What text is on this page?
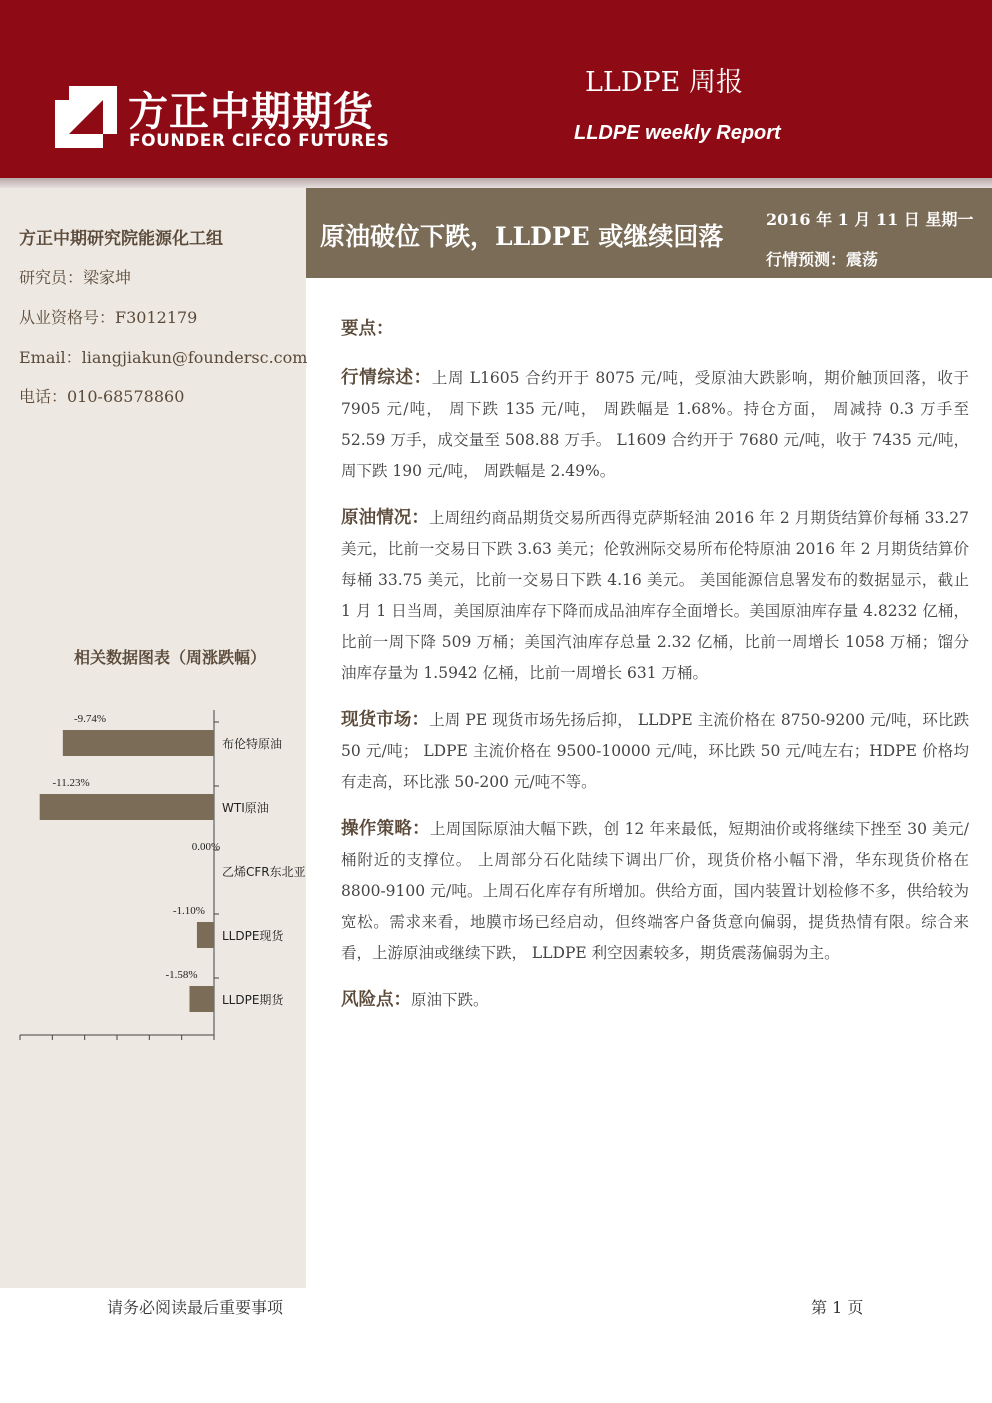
方正中期期货
FOUNDER CIFCO FUTURES
LLDPE 周报
LLDPE weekly Report
方正中期研究院能源化工组
研究员：梁家坤
从业资格号：F3012179
Email：liangjiakun@foundersc.com
电话：010-68578860
原油破位下跌，LLDPE 或继续回落
2016 年 1 月 11 日 星期一
行情预测：震荡
要点：

行情综述：上周 L1605 合约开于 8075 元/吨，受原油大跌影响，期价触顶回落，收于 7905 元/吨， 周下跌 135 元/吨， 周跌幅是 1.68%。持仓方面， 周减持 0.3 万手至 52.59 万手，成交量至 508.88 万手。 L1609 合约开于 7680 元/吨，收于 7435 元/吨， 周下跌 190 元/吨， 周跌幅是 2.49%。

原油情况：上周纽约商品期货交易所西得克萨斯轻油 2016 年 2 月期货结算价每桶 33.27 美元，比前一交易日下跌 3.63 美元；伦敦洲际交易所布伦特原油 2016 年 2 月期货结算价每桶 33.75 美元，比前一交易日下跌 4.16 美元。 美国能源信息署发布的数据显示，截止 1 月 1 日当周，美国原油库存下降而成品油库存全面增长。美国原油库存量 4.8232 亿桶，比前一周下降 509 万桶；美国汽油库存总量 2.32 亿桶，比前一周增长 1058 万桶；馏分油库存量为 1.5942 亿桶，比前一周增长 631 万桶。

现货市场：上周 PE 现货市场先扬后抑， LLDPE 主流价格在 8750-9200 元/吨，环比跌 50 元/吨； LDPE 主流价格在 9500-10000 元/吨，环比跌 50 元/吨左右；HDPE 价格均有走高，环比涨 50-200 元/吨不等。

操作策略：上周国际原油大幅下跌，创 12 年来最低，短期油价或将继续下挫至 30 美元/桶附近的支撑位。 上周部分石化陆续下调出厂价，现货价格小幅下滑，华东现货价格在 8800-9100 元/吨。上周石化库存有所增加。供给方面，国内装置计划检修不多，供给较为宽松。需求来看，地膜市场已经启动，但终端客户备货意向偏弱，提货热情有限。综合来看，上游原油或继续下跌， LLDPE 利空因素较多，期货震荡偏弱为主。

风险点：原油下跌。

相关数据图表（周涨跌幅）
-9.74%
布伦特原油
-11.23%
WTI原油
0.00%
乙烯CFR东北亚
-1.10%
LLDPE现货
-1.58%
LLDPE期货
请务必阅读最后重要事项	第 1 页
